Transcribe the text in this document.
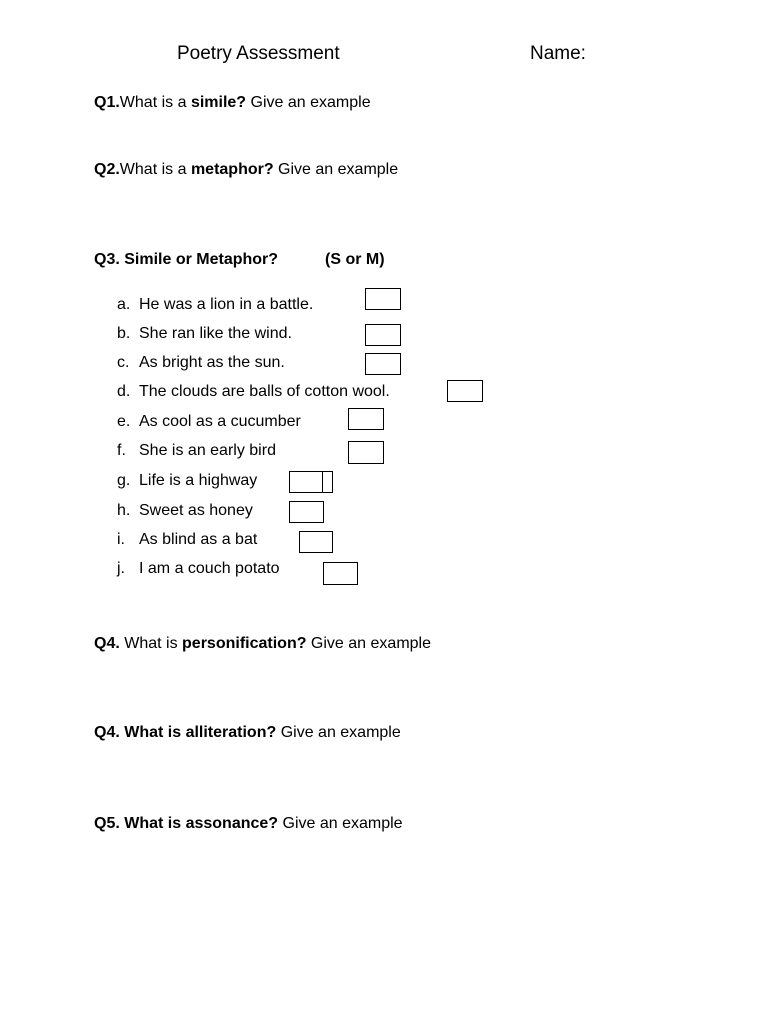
Poetry Assessment	Name:
Q1.What is a simile? Give an example
Q2.What is a metaphor? Give an example
Q3. Simile or Metaphor?	(S or M)
a. He was a lion in a battle.
b. She ran like the wind.
c. As bright as the sun.
d. The clouds are balls of cotton wool.
e. As cool as a cucumber
f. She is an early bird
g. Life is a highway
h. Sweet as honey
i. As blind as a bat
j. I am a couch potato
Q4. What is personification? Give an example
Q4. What is alliteration? Give an example
Q5. What is assonance? Give an example
